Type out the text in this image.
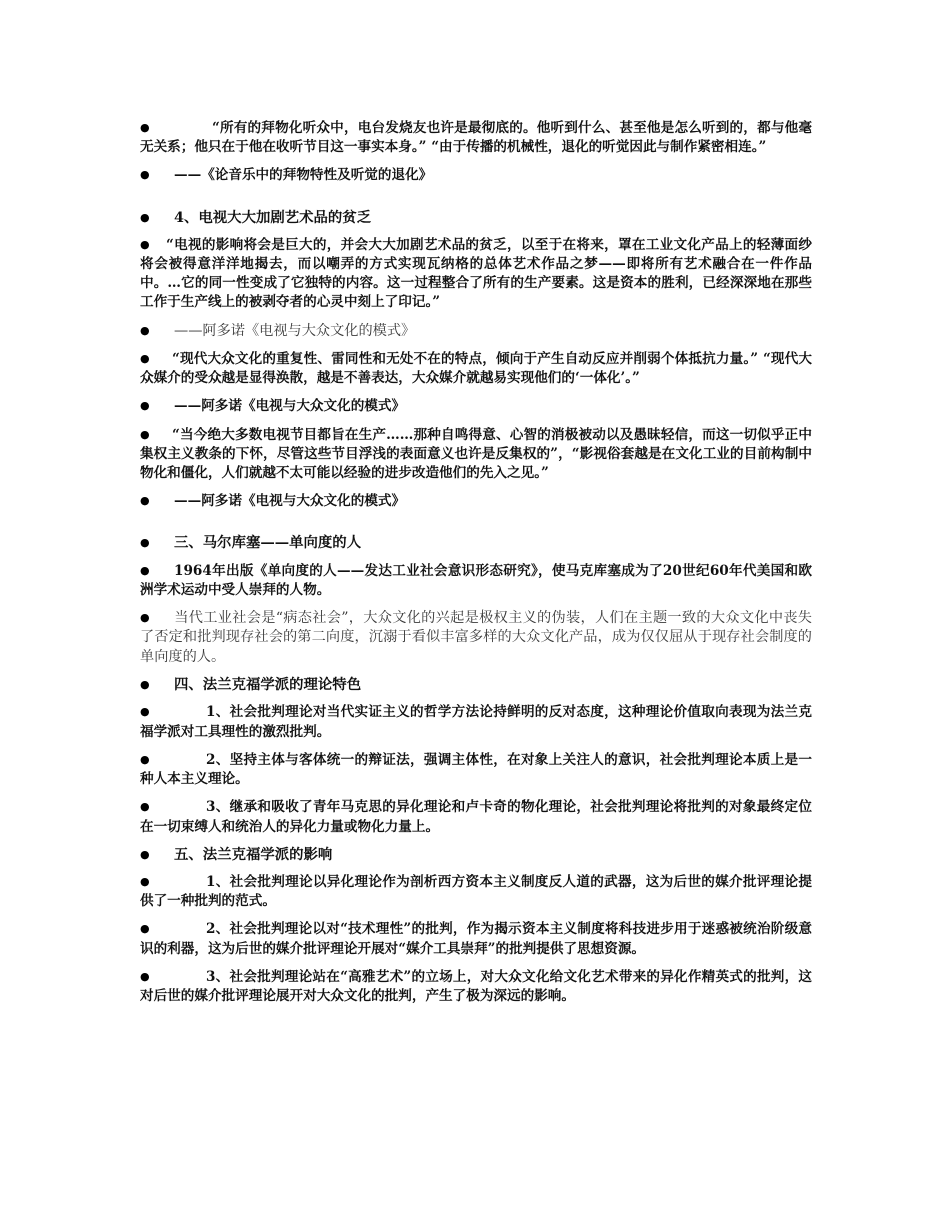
●	“所有的拜物化听众中，电台发烧友也许是最彻底的。他听到什么、甚至他是怎么听到的，都与他毫无关系；他只在于他在收听节目这一事实本身。” “由于传播的机械性，退化的听觉因此与制作紧密相连。”

● ——《论音乐中的拜物特性及听觉的退化》

● 4、电视大大加剧艺术品的贫乏

● “电视的影响将会是巨大的，并会大大加剧艺术品的贫乏，以至于在将来，罩在工业文化产品上的轻薄面纱将会被得意洋洋地揭去，而以嘲弄的方式实现瓦纳格的总体艺术作品之梦——即将所有艺术融合在一件作品中。…它的同一性变成了它独特的内容。这一过程整合了所有的生产要素。这是资本的胜利，已经深深地在那些工作于生产线上的被剥夺者的心灵中刻上了印记。”

● ——阿多诺《电视与大众文化的模式》

● “现代大众文化的重复性、雷同性和无处不在的特点，倾向于产生自动反应并削弱个体抵抗力量。” “现代大众媒介的受众越是显得涣散，越是不善表达，大众媒介就越易实现他们的‘一体化’。”

● ——阿多诺《电视与大众文化的模式》

● “当今绝大多数电视节目都旨在生产……那种自鸣得意、心智的消极被动以及愚昧轻信，而这一切似乎正中集权主义教条的下怀，尽管这些节目浮浅的表面意义也许是反集权的”，“影视俗套越是在文化工业的目前构制中物化和僵化，人们就越不太可能以经验的进步改造他们的先入之见。”

● ——阿多诺《电视与大众文化的模式》

● 三、马尔库塞——单向度的人

● 1964年出版《单向度的人——发达工业社会意识形态研究》，使马克库塞成为了20世纪60年代美国和欧洲学术运动中受人崇拜的人物。

● 当代工业社会是“病态社会”，大众文化的兴起是极权主义的伪装，人们在主题一致的大众文化中丧失了否定和批判现存社会的第二向度，沉溺于看似丰富多样的大众文化产品，成为仅仅屈从于现存社会制度的单向度的人。

● 四、法兰克福学派的理论特色

●	1、社会批判理论对当代实证主义的哲学方法论持鲜明的反对态度，这种理论价值取向表现为法兰克福学派对工具理性的激烈批判。

●	2、坚持主体与客体统一的辩证法，强调主体性，在对象上关注人的意识，社会批判理论本质上是一种人本主义理论。

●	3、继承和吸收了青年马克思的异化理论和卢卡奇的物化理论，社会批判理论将批判的对象最终定位在一切束缚人和统治人的异化力量或物化力量上。

● 五、法兰克福学派的影响

●	1、社会批判理论以异化理论作为剖析西方资本主义制度反人道的武器，这为后世的媒介批评理论提供了一种批判的范式。

●	2、社会批判理论以对“技术理性”的批判，作为揭示资本主义制度将科技进步用于迷惑被统治阶级意识的利器，这为后世的媒介批评理论开展对“媒介工具崇拜”的批判提供了思想资源。

●	3、社会批判理论站在“高雅艺术”的立场上，对大众文化给文化艺术带来的异化作精英式的批判，这对后世的媒介批评理论展开对大众文化的批判，产生了极为深远的影响。
